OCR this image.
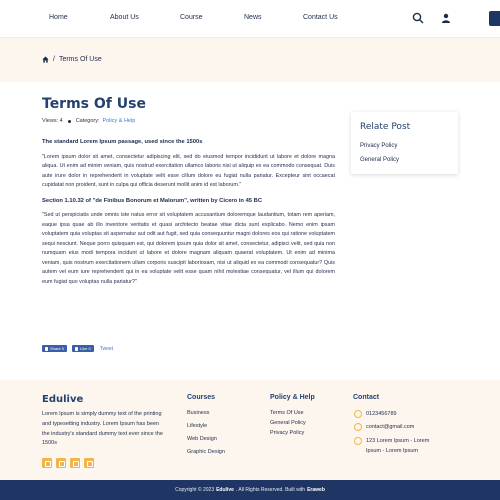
Home	About Us	Course	News	Contact Us
/ Terms Of Use
Terms Of Use
Views: 4 Category: Policy & Help
The standard Lorem Ipsum passage, used since the 1500s

"Lorem ipsum dolor sit amet, consectetur adipiscing elit, sed do eiusmod tempor incididunt ut labore et dolore magna aliqua. Ut enim ad minim veniam, quis nostrud exercitation ullamco laboris nisi ut aliquip ex ea commodo consequat. Duis aute irure dolor in reprehenderit in voluptate velit esse cillum dolore eu fugiat nulla pariatur. Excepteur sint occaecat cupidatat non proident, sunt in culpa qui officia deserunt mollit anim id est laborum."

Section 1.10.32 of "de Finibus Bonorum et Malorum", written by Cicero in 45 BC

"Sed ut perspiciatis unde omnis iste natus error sit voluptatem accusantium doloremque laudantium, totam rem aperiam, eaque ipsa quae ab illo inventore veritatis et quasi architecto beatae vitae dicta sunt explicabo. Nemo enim ipsam voluptatem quia voluptas sit aspernatur aut odit aut fugit, sed quia consequuntur magni dolores eos qui ratione voluptatem sequi nesciunt. Neque porro quisquam est, qui dolorem ipsum quia dolor sit amet, consectetur, adipisci velit, sed quia non numquam eius modi tempora incidunt ut labore et dolore magnam aliquam quaerat voluptatem. Ut enim ad minima veniam, quis nostrum exercitationem ullam corporis suscipit laboriosam, nisi ut aliquid ex ea commodi consequatur? Quis autem vel eum iure reprehenderit qui in ea voluptate velit esse quam nihil molestiae consequatur, vel illum qui dolorem eum fugiat quo voluptas nulla pariatur?"

Share 0	Like 0 Tweet
Relate Post
Privacy Policy
General Policy
Edulive
Lorem Ipsum is simply dummy text of the printing and typesetting industry. Lorem Ipsum has been the industry's standard dummy text ever since the 1500s
Courses
Business
Lifestyle
Web Design
Graphic Design
Policy & Help
Terms Of Use
General Policy
Privacy Policy
Contact
0123456789
contact@gmail.com
123 Lorem Ipsum - Lorem
Ipsum - Lorem Ipsum
Copyright © 2023 Edulive . All Rights Reserved. Built with Eraweb
